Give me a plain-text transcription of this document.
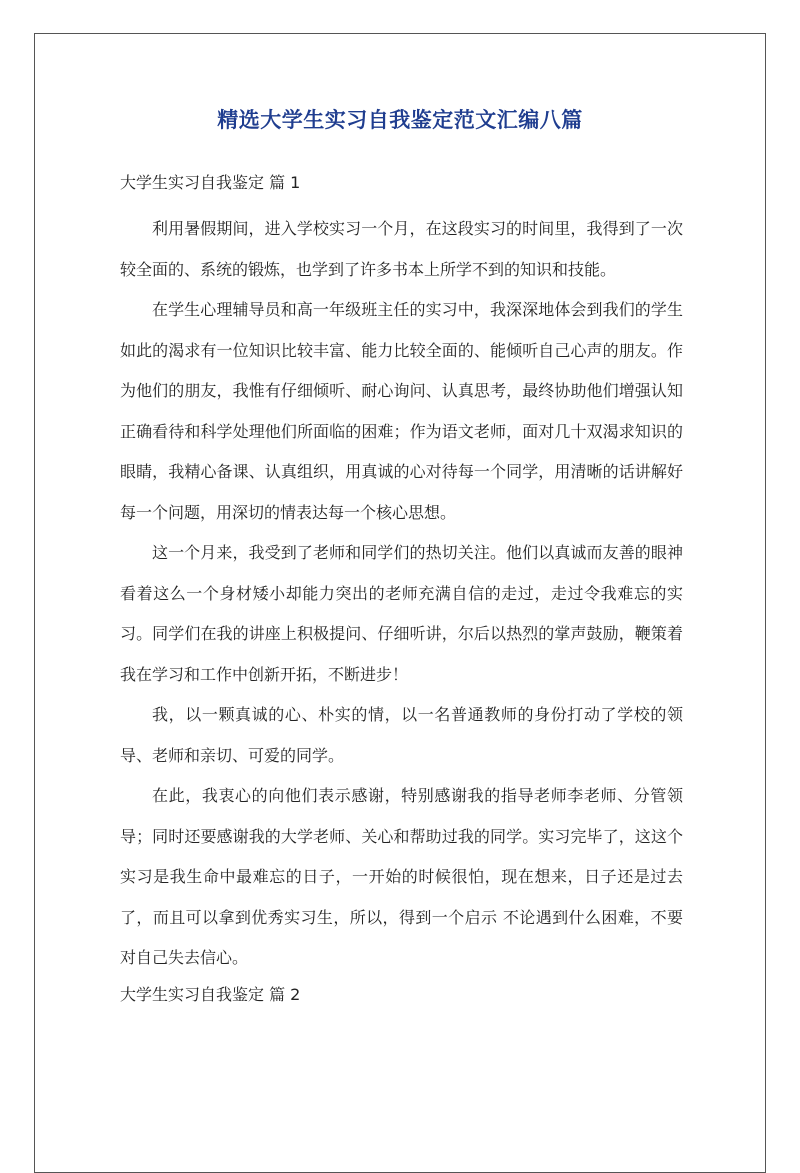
精选大学生实习自我鉴定范文汇编八篇
大学生实习自我鉴定 篇 1

利用暑假期间，进入学校实习一个月，在这段实习的时间里，我得到了一次较全面的、系统的锻炼，也学到了许多书本上所学不到的知识和技能。

在学生心理辅导员和高一年级班主任的实习中，我深深地体会到我们的学生如此的渴求有一位知识比较丰富、能力比较全面的、能倾听自己心声的朋友。作为他们的朋友，我惟有仔细倾听、耐心询问、认真思考，最终协助他们增强认知正确看待和科学处理他们所面临的困难；作为语文老师，面对几十双渴求知识的眼睛，我精心备课、认真组织，用真诚的心对待每一个同学，用清晰的话讲解好每一个问题，用深切的情表达每一个核心思想。

这一个月来，我受到了老师和同学们的热切关注。他们以真诚而友善的眼神看着这么一个身材矮小却能力突出的老师充满自信的走过，走过令我难忘的实习。同学们在我的讲座上积极提问、仔细听讲，尔后以热烈的掌声鼓励，鞭策着我在学习和工作中创新开拓，不断进步！

我，以一颗真诚的心、朴实的情，以一名普通教师的身份打动了学校的领导、老师和亲切、可爱的同学。

在此，我衷心的向他们表示感谢，特别感谢我的指导老师李老师、分管领导；同时还要感谢我的大学老师、关心和帮助过我的同学。实习完毕了，这这个实习是我生命中最难忘的日子，一开始的时候很怕，现在想来，日子还是过去了，而且可以拿到优秀实习生，所以，得到一个启示 不论遇到什么困难，不要对自己失去信心。

大学生实习自我鉴定 篇 2
